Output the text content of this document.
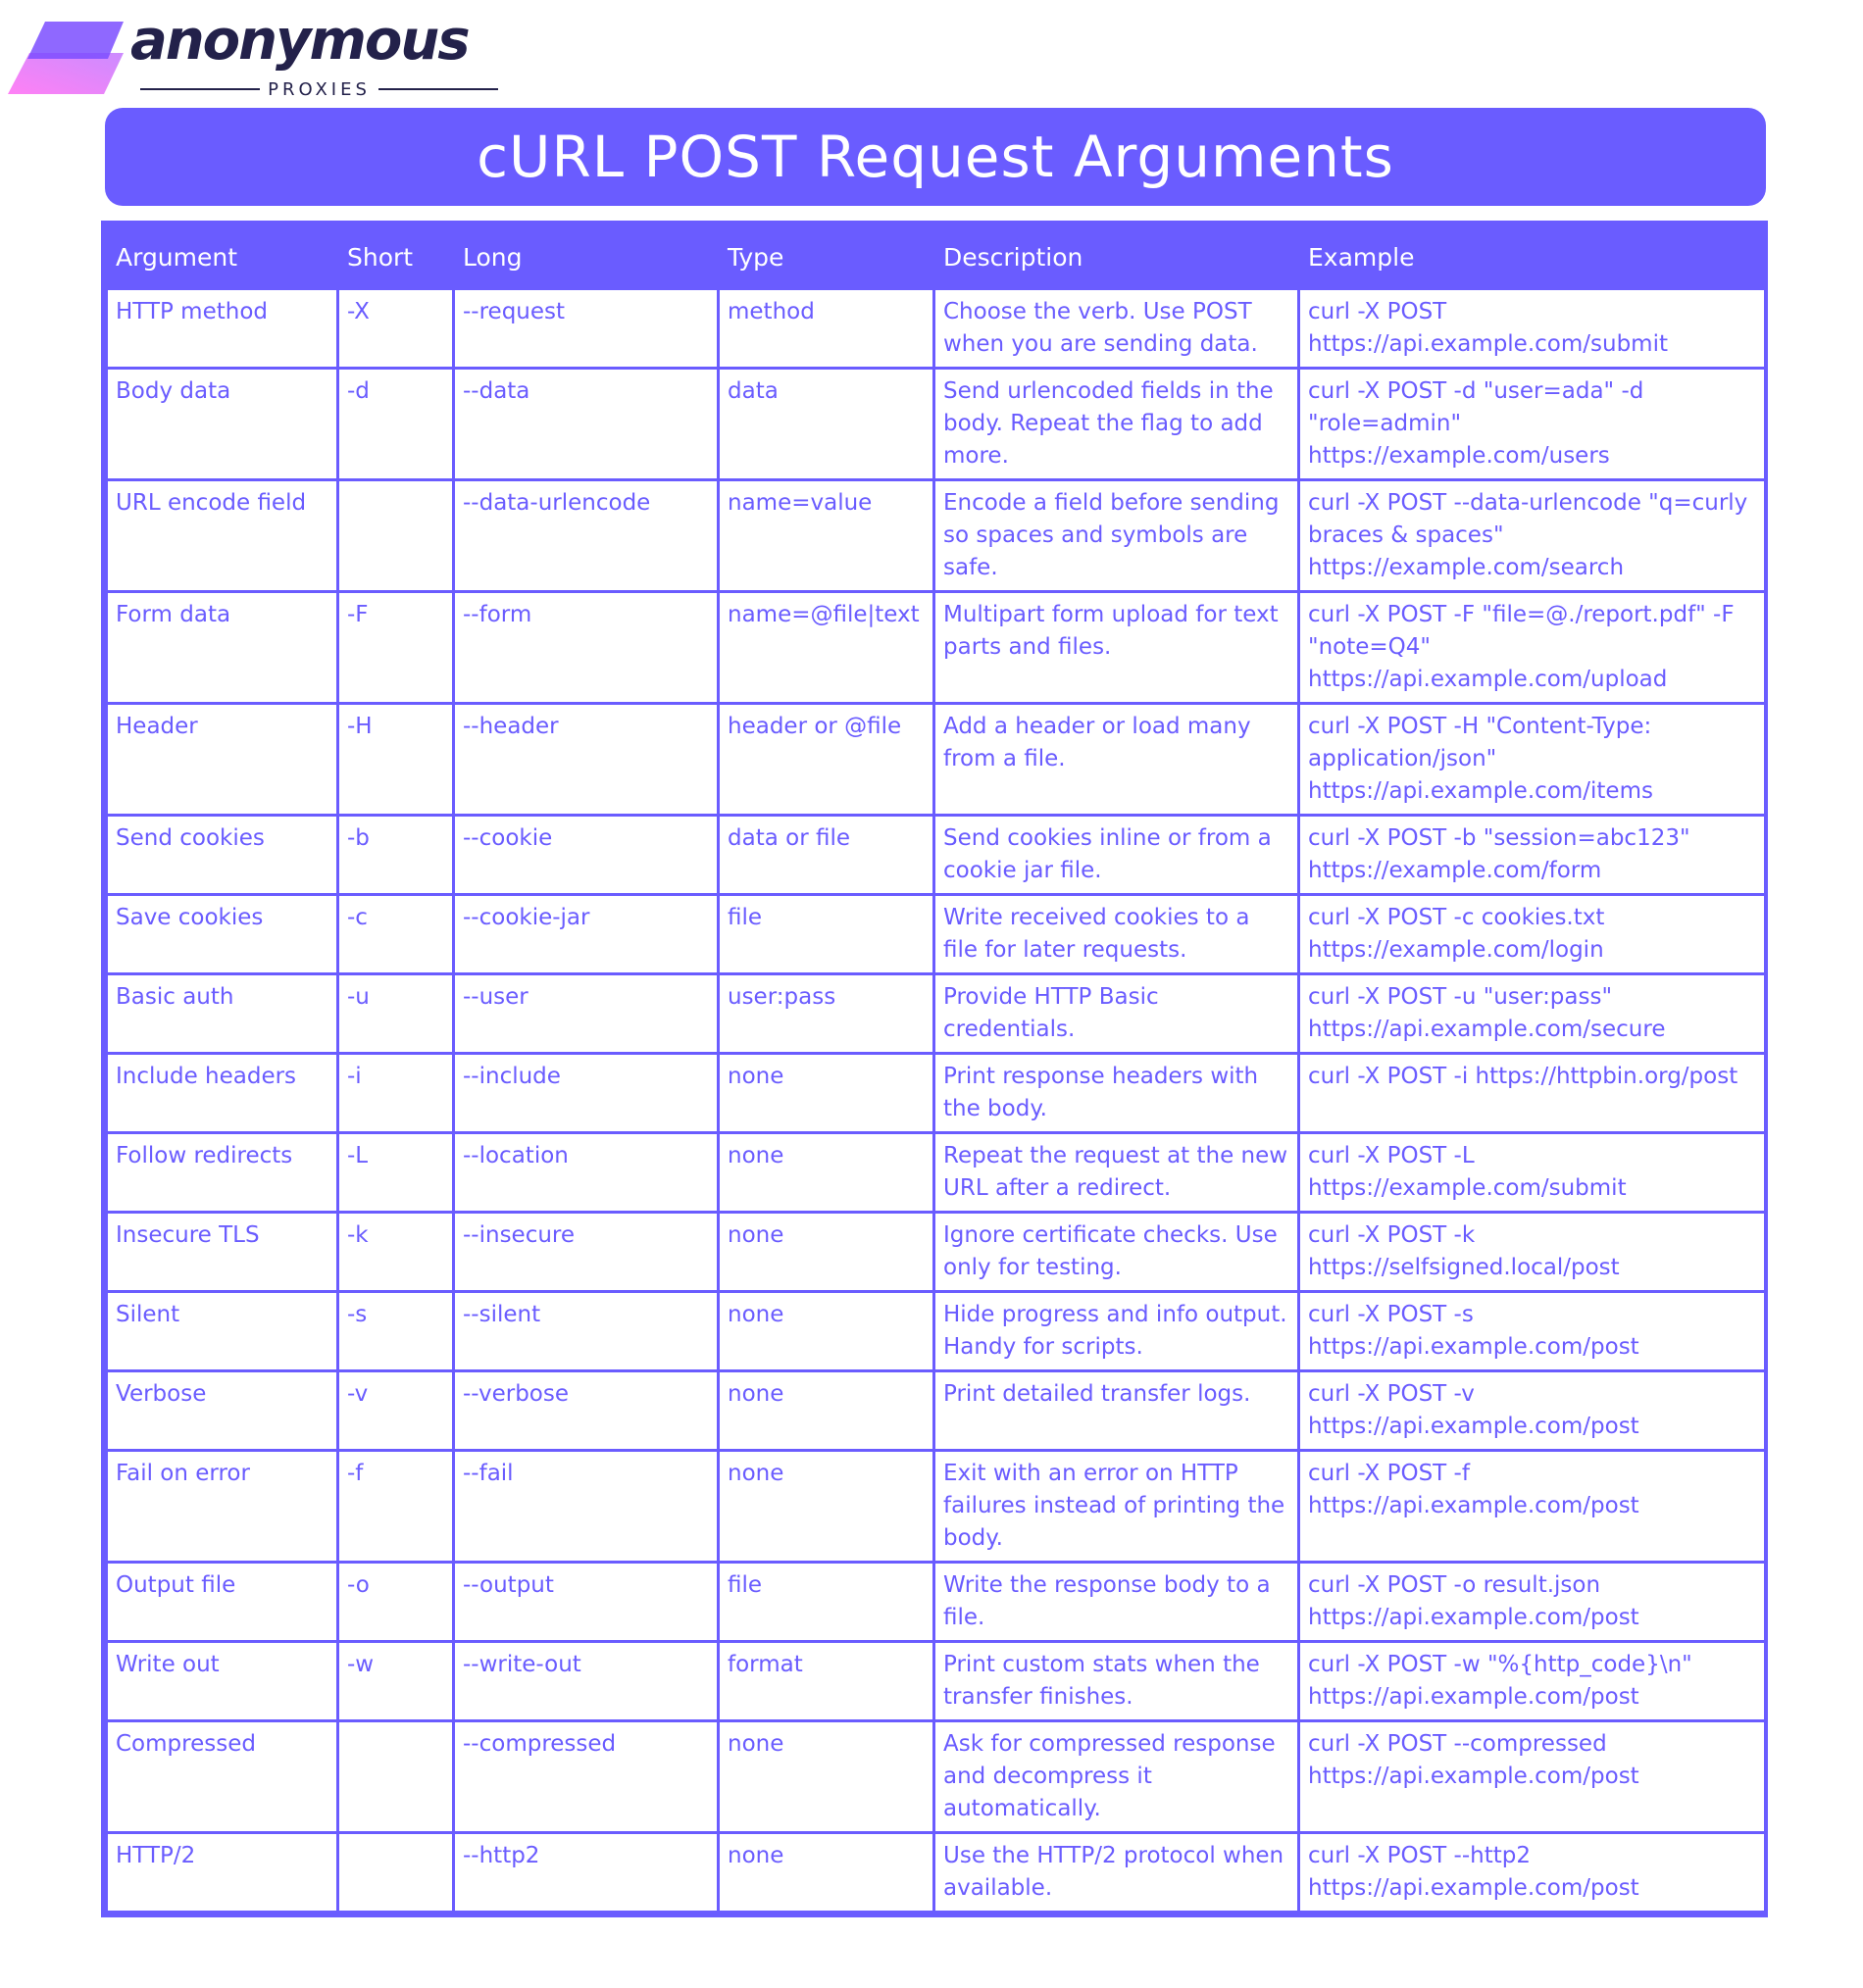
anonymous
PROXIES
cURL POST Request Arguments
Argument	Short	Long	Type	Description	Example
HTTP method	-X	--request	method	Choose the verb. Use POST when you are sending data.	curl -X POST https://api.example.com/submit
Body data	-d	--data	data	Send urlencoded fields in the body. Repeat the flag to add more.	curl -X POST -d "user=ada" -d "role=admin" https://example.com/users
URL encode field		--data-urlencode	name=value	Encode a field before sending so spaces and symbols are safe.	curl -X POST --data-urlencode "q=curly braces & spaces" https://example.com/search
Form data	-F	--form	name=@file|text	Multipart form upload for text parts and files.	curl -X POST -F "file=@./report.pdf" -F "note=Q4" https://api.example.com/upload
Header	-H	--header	header or @file	Add a header or load many from a file.	curl -X POST -H "Content-Type: application/json" https://api.example.com/items
Send cookies	-b	--cookie	data or file	Send cookies inline or from a cookie jar file.	curl -X POST -b "session=abc123" https://example.com/form
Save cookies	-c	--cookie-jar	file	Write received cookies to a file for later requests.	curl -X POST -c cookies.txt https://example.com/login
Basic auth	-u	--user	user:pass	Provide HTTP Basic credentials.	curl -X POST -u "user:pass" https://api.example.com/secure
Include headers	-i	--include	none	Print response headers with the body.	curl -X POST -i https://httpbin.org/post
Follow redirects	-L	--location	none	Repeat the request at the new URL after a redirect.	curl -X POST -L https://example.com/submit
Insecure TLS	-k	--insecure	none	Ignore certificate checks. Use only for testing.	curl -X POST -k https://selfsigned.local/post
Silent	-s	--silent	none	Hide progress and info output. Handy for scripts.	curl -X POST -s https://api.example.com/post
Verbose	-v	--verbose	none	Print detailed transfer logs.	curl -X POST -v https://api.example.com/post
Fail on error	-f	--fail	none	Exit with an error on HTTP failures instead of printing the body.	curl -X POST -f https://api.example.com/post
Output file	-o	--output	file	Write the response body to a file.	curl -X POST -o result.json https://api.example.com/post
Write out	-w	--write-out	format	Print custom stats when the transfer finishes.	curl -X POST -w "%{http_code}\n" https://api.example.com/post
Compressed		--compressed	none	Ask for compressed response and decompress it automatically.	curl -X POST --compressed https://api.example.com/post
HTTP/2		--http2	none	Use the HTTP/2 protocol when available.	curl -X POST --http2 https://api.example.com/post
